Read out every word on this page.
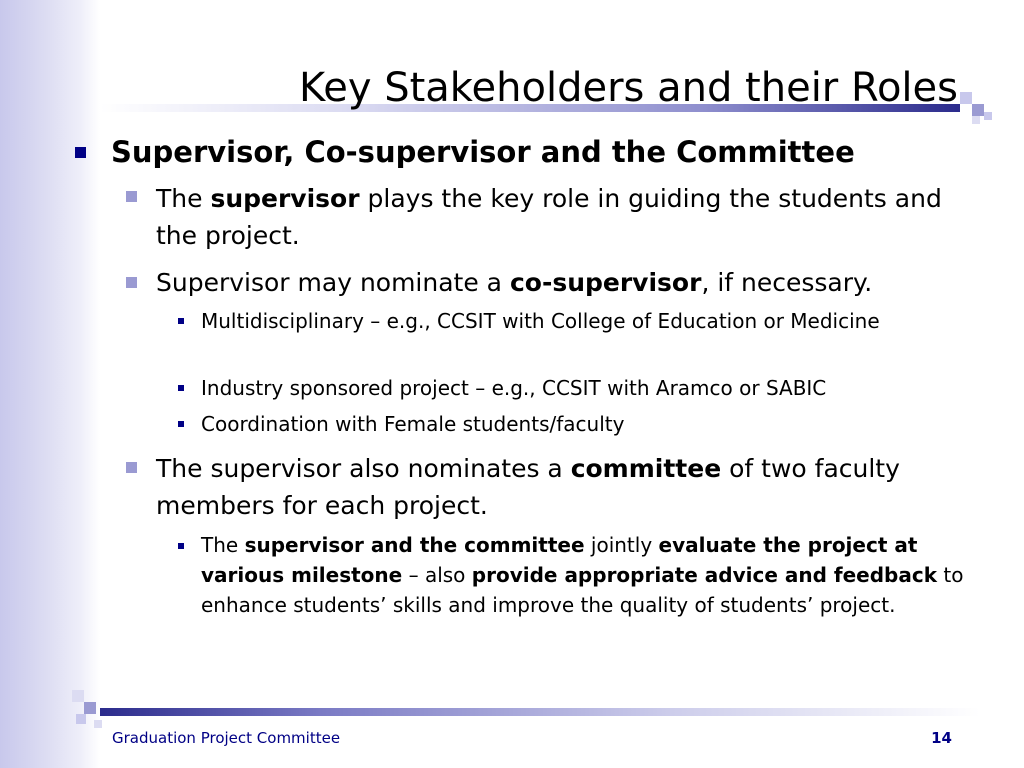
Key Stakeholders and their Roles
Supervisor, Co-supervisor and the Committee
The supervisor plays the key role in guiding the students and the project.
Supervisor may nominate a co-supervisor, if necessary.
Multidisciplinary – e.g., CCSIT with College of Education or Medicine
Industry sponsored project – e.g., CCSIT with Aramco or SABIC
Coordination with Female students/faculty
The supervisor also nominates a committee of two faculty members for each project.
The supervisor and the committee jointly evaluate the project at various milestone – also provide appropriate advice and feedback to enhance students’ skills and improve the quality of students’ project.
Graduation Project Committee	14
